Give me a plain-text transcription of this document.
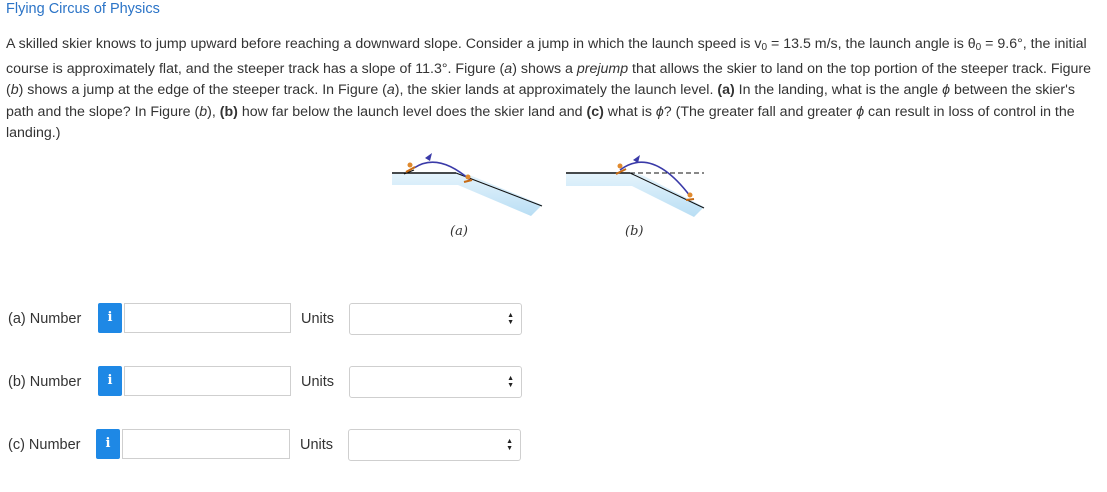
Flying Circus of Physics
A skilled skier knows to jump upward before reaching a downward slope. Consider a jump in which the launch speed is $v_0 = 13.5$ m/s, the launch angle is $\theta_0 = 9.6^\circ$, the initial course is approximately flat, and the steeper track has a slope of 11.3°. Figure (a) shows a prejump that allows the skier to land on the top portion of the steeper track. Figure (b) shows a jump at the edge of the steeper track. In Figure (a), the skier lands at approximately the launch level. (a) In the landing, what is the angle ϕ between the skier's path and the slope? In Figure (b), (b) how far below the launch level does the skier land and (c) what is ϕ? (The greater fall and greater ϕ can result in loss of control in the landing.)
(a)	(b)
(a) Number	i	Units	▲
▼
(b) Number	i	Units	▲
▼
(c) Number	i	Units	▲
▼
